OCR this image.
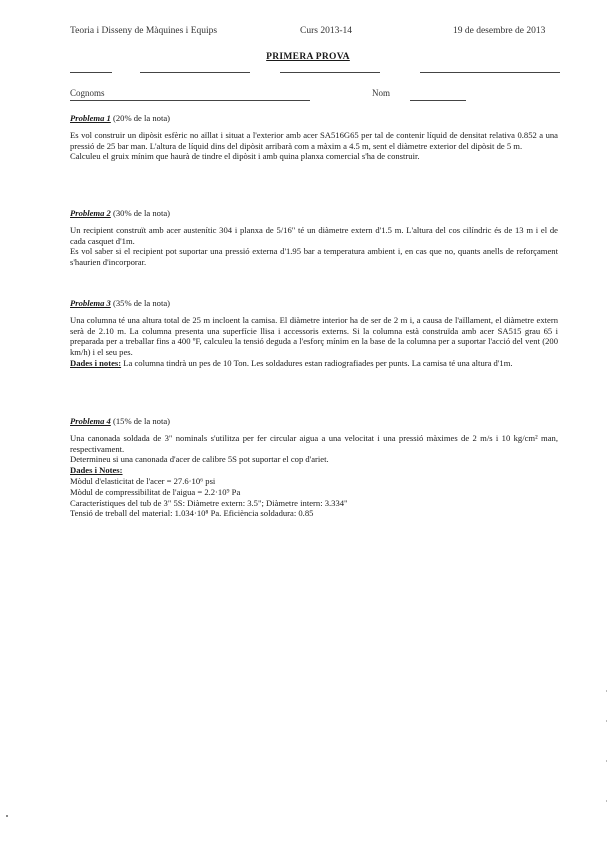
Teoria i Disseny de Màquines i Equips	Curs 2013-14	19 de desembre de 2013
PRIMERA PROVA
Cognoms	Nom
Problema 1 (20% de la nota)
Es vol construir un dipòsit esfèric no aïllat i situat a l'exterior amb acer SA516G65 per tal de contenir líquid de densitat relativa 0.852 a una pressió de 25 bar man. L'altura de líquid dins del dipòsit arribarà com a màxim a 4.5 m, sent el diàmetre exterior del dipòsit de 5 m.
Calculeu el gruix mínim que haurà de tindre el dipòsit i amb quina planxa comercial s'ha de construir.
Problema 2 (30% de la nota)
Un recipient construït amb acer austenític 304 i planxa de 5/16" té un diàmetre extern d'1.5 m. L'altura del cos cilíndric és de 13 m i el de cada casquet d'1m.
Es vol saber si el recipient pot suportar una pressió externa d'1.95 bar a temperatura ambient i, en cas que no, quants anells de reforçament s'haurien d'incorporar.
Problema 3 (35% de la nota)
Una columna té una altura total de 25 m incloent la camisa. El diàmetre interior ha de ser de 2 m i, a causa de l'aïllament, el diàmetre extern serà de 2.10 m. La columna presenta una superfície llisa i accessoris externs. Si la columna està construïda amb acer SA515 grau 65 i preparada per a treballar fins a 400 ºF, calculeu la tensió deguda a l'esforç mínim en la base de la columna per a suportar l'acció del vent (200 km/h) i el seu pes.
Dades i notes: La columna tindrà un pes de 10 Ton. Les soldadures estan radiografiades per punts. La camisa té una altura d'1m.
Problema 4 (15% de la nota)
Una canonada soldada de 3" nominals s'utilitza per fer circular aigua a una velocitat i una pressió màximes de 2 m/s i 10 kg/cm² man, respectivament.
Determineu si una canonada d'acer de calibre 5S pot suportar el cop d'ariet.
Dades i Notes:
Mòdul d'elasticitat de l'acer = 27.6·10⁶ psi
Mòdul de compressibilitat de l'aigua = 2.2·10⁹ Pa
Característiques del tub de 3" 5S: Diàmetre extern: 3.5"; Diàmetre intern: 3.334"
Tensió de treball del material: 1.034·10⁸ Pa. Eficiència soldadura: 0.85
